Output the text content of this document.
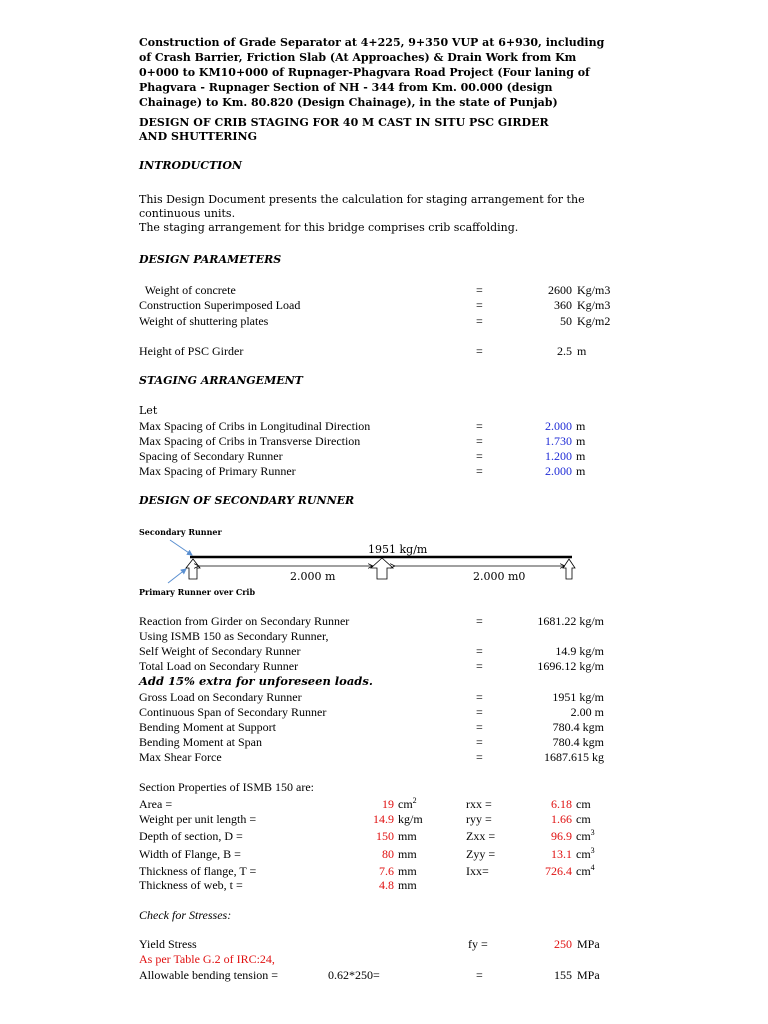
Construction of Grade Separator at 4+225, 9+350 VUP at 6+930, including of Crash Barrier, Friction Slab (At Approaches) & Drain Work from Km 0+000 to KM10+000 of Rupnager-Phagvara Road Project (Four laning of Phagvara - Rupnager Section of NH - 344 from Km. 00.000 (design Chainage) to Km. 80.820 (Design Chainage), in the state of Punjab)
DESIGN OF CRIB STAGING FOR 40 M CAST IN SITU PSC GIRDER AND SHUTTERING
INTRODUCTION
This Design Document presents the calculation for staging arrangement for the continuous units.
The staging arrangement for this bridge comprises crib scaffolding.
DESIGN PARAMETERS
Weight of concrete	=	2600 Kg/m3
Construction Superimposed Load	=	360 Kg/m3
Weight of shuttering plates	=	50 Kg/m2
Height of PSC Girder	=	2.5 m
STAGING ARRANGEMENT
Let
Max Spacing of Cribs in Longitudinal Direction	=	2.000 m
Max Spacing of Cribs in Transverse Direction	=	1.730 m
Spacing of Secondary Runner	=	1.200 m
Max Spacing of Primary Runner	=	2.000 m
DESIGN OF SECONDARY RUNNER
Secondary Runner
Primary Runner over Crib
1951 kg/m
2.000 m	2.000 m0
Reaction from Girder on Secondary Runner	=	1681.22 kg/m
Using ISMB 150 as Secondary Runner,
Self Weight of Secondary Runner	=	14.9 kg/m
Total Load on Secondary Runner	=	1696.12 kg/m
Add 15% extra for unforeseen loads.
Gross Load on Secondary Runner	=	1951 kg/m
Continuous Span of Secondary Runner	=	2.00 m
Bending Moment at Support	=	780.4 kgm
Bending Moment at Span	=	780.4 kgm
Max Shear Force	=	1687.615 kg
Section Properties of ISMB 150 are:
Area =	19 $cm^2$	rxx =	6.18 cm
Weight per unit length =	14.9 kg/m	ryy =	1.66 cm
Depth of section, D =	150 mm	Zxx =	96.9 $cm^3$
Width of Flange, B =	80 mm	Zyy =	13.1 $cm^3$
Thickness of flange, T =	7.6 mm	Ixx=	726.4 $cm^4$
Thickness of web, t =	4.8 mm
Check for Stresses:
Yield Stress	fy =	250 MPa
As per Table G.2 of IRC:24,
Allowable bending tension =	0.62*250=	=	155 MPa
